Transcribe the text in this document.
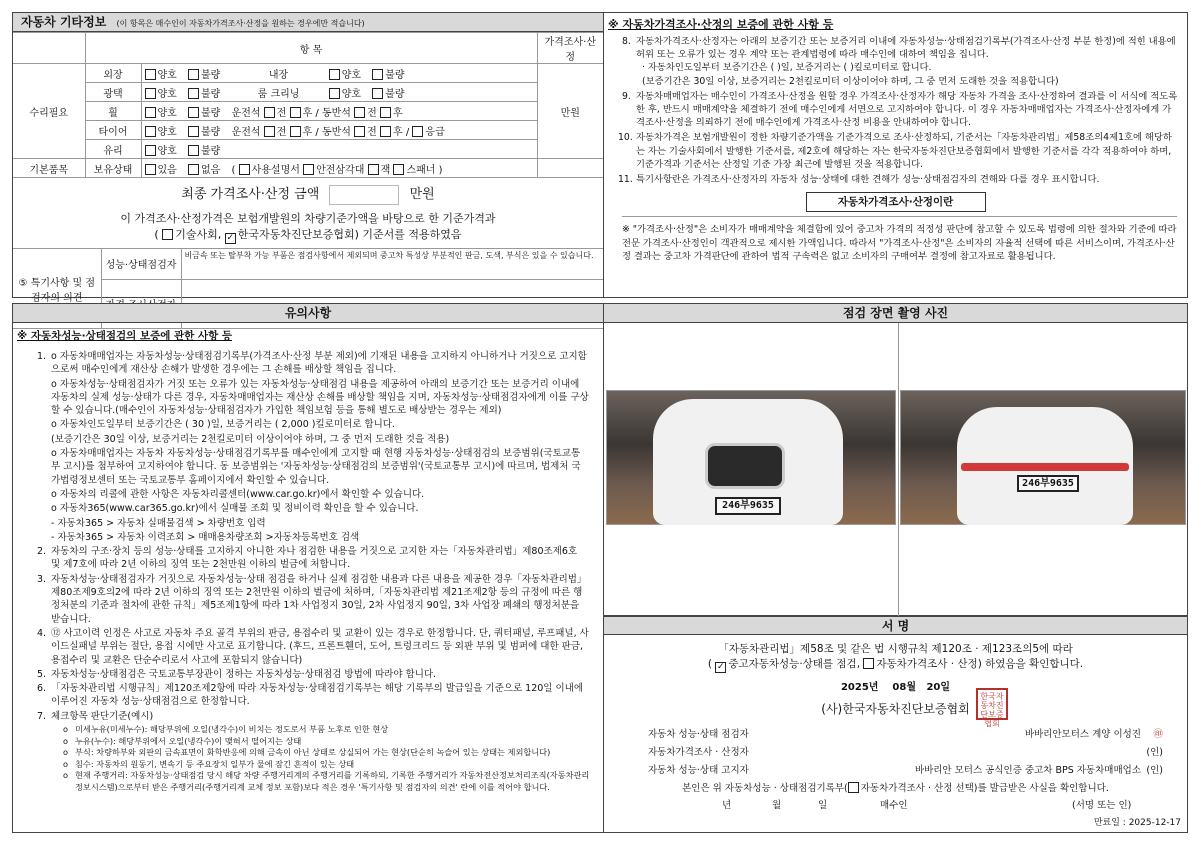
자동차 기타정보 (이 항목은 매수인이 자동차가격조사·산정을 원하는 경우에만 적습니다)
	항 목		가격조사·산정
수리필요	외장	양호 불량 내장 양호 불량	만원
	광택	양호 불량 룸 크리닝 양호 불량	
	휠	양호 불량 운전석 전 후 / 동반석 전 후	
	타이어	양호 불량 운전석 전 후 / 동반석 전 후 / 응급	
	유리	양호 불량	
기본품목	보유상태	있음 없음 ( 사용설명서 안전삼각대 잭 스패너 )	
최종 가격조사·산정 금액	만원
이 가격조사·산정가격은 보험개발원의 차량기준가액을 바탕으로 한 기준가격과
( 기술사회, ✓ 한국자동차진단보증협회) 기준서를 적용하였음
⑤ 특기사항 및 점검자의 의견	성능·상태점검자	비금속 또는 탈부착 가능 부품은 점검사항에서 제외되며 중고차 특성상 부분적인 판금, 도색, 부식은 있을 수 있습니다.

※ 자동차가격조사·산정의 보증에 관한 사항 등
8. 자동차가격조사·산정자는 아래의 보증기간 또는 보증거리 이내에 자동차성능·상태점검기록부(가격조사·산정 부분 한정)에 적힌 내용에 허위 또는 오류가 있는 경우 계약 또는 관계법령에 따라 매수인에 대하여 책임을 집니다.
· 자동차인도일부터 보증기간은 ( )일, 보증거리는 ( )킬로미터로 합니다.
(보증기간은 30일 이상, 보증거리는 2천킬로미터 이상이어야 하며, 그 중 먼저 도래한 것을 적용합니다)
9. 자동차매매업자는 매수인이 가격조사·산정을 원할 경우 가격조사·산정자가 해당 자동차 가격을 조사·산정하여 결과를 이 서식에 적도록 한 후, 반드시 매매계약을 체결하기 전에 매수인에게 서면으로 고지하여야 합니다. 이 경우 자동차매매업자는 가격조사·산정자에게 가격조사·산정을 의뢰하기 전에 매수인에게 가격조사·산정 비용을 안내하여야 합니다.
10. 자동차가격은 보험개발원이 정한 차량기준가액을 기준가격으로 조사·산정하되, 기준서는「자동차관리법」제58조의4제1호에 해당하는 자는 기술사회에서 발행한 기준서를, 제2호에 해당하는 자는 한국자동차진단보증협회에서 발행한 기준서를 각각 적용하여야 하며, 기준가격과 기준서는 산정일 기준 가장 최근에 발행된 것을 적용합니다.
11. 특기사항란은 가격조사·산정자의 자동차 성능·상태에 대한 견해가 성능·상태점검자의 견해와 다를 경우 표시합니다.
자동차가격조사·산정이란
※ "가격조사·산정"은 소비자가 매매계약을 체결함에 있어 중고차 가격의 적정성 판단에 참고할 수 있도록 법령에 의한 절차와 기준에 따라 전문 가격조사·산정인이 객관적으로 제시한 가액입니다. 따라서 "가격조사·산정"은 소비자의 자율적 선택에 따른 서비스이며, 가격조사·산정 결과는 중고차 가격판단에 관하여 법적 구속력은 없고 소비자의 구매여부 결정에 참고자료로 활용됩니다.
유의사항
※ 자동차성능·상태점검의 보증에 관한 사항 등
1. o 자동차매매업자는 자동차성능·상태점검기록부(가격조사·산정 부분 제외)에 기재된 내용을 고지하지 아니하거나 거짓으로 고지함으로써 매수인에게 재산상 손해가 발생한 경우에는 그 손해를 배상할 책임을 집니다.
o 자동차성능·상태점검자가 거짓 또는 오류가 있는 자동차성능·상태점검 내용을 제공하여 아래의 보증기간 또는 보증거리 이내에 자동차의 실제 성능·상태가 다른 경우, 자동차매매업자는 재산상 손해를 배상할 책임을 지며, 자동차성능·상태점검자에게 이를 구상할 수 있습니다.(매수인이 자동차성능·상태점검자가 가입한 책임보험 등을 통해 별도로 배상받는 경우는 제외)
o 자동차인도일부터 보증기간은 ( 30 )일, 보증거리는 ( 2,000 )킬로미터로 합니다.
(보증기간은 30일 이상, 보증거리는 2천킬로미터 이상이어야 하며, 그 중 먼저 도래한 것을 적용)
o 자동차매매업자는 자동차 자동차성능·상태점검기록부를 매수인에게 고지할 때 현행 자동차성능·상태점검의 보증범위(국토교통부 고시)를 첨부하여 고지하여야 합니다. 동 보증범위는 '자동차성능·상태점검의 보증범위'(국토교통부 고시)에 따르며, 법제처 국가법령정보센터 또는 국토교통부 홈페이지에서 확인할 수 있습니다.
o 자동차의 리콜에 관한 사항은 자동차리콜센터(www.car.go.kr)에서 확인할 수 있습니다.
o 자동차365(www.car365.go.kr)에서 실매물 조회 및 정비이력 확인을 할 수 있습니다.
- 자동차365 > 자동차 실매물검색 > 차량번호 입력
- 자동차365 > 자동차 이력조회 > 매매용차량조회 >자동차등록번호 검색
2. 자동차의 구조·장치 등의 성능·상태를 고지하지 아니한 자나 점검한 내용을 거짓으로 고지한 자는「자동차관리법」제80조제6호 및 제7호에 따라 2년 이하의 징역 또는 2천만원 이하의 벌금에 처합니다.
3. 자동차성능·상태점검자가 거짓으로 자동차성능·상태 점검을 하거나 실제 점검한 내용과 다른 내용을 제공한 경우「자동차관리법」제80조제9호의2에 따라 2년 이하의 징역 또는 2천만원 이하의 벌금에 처하며,「자동차관리법 제21조제2항 등의 규정에 따른 행정처분의 기준과 절차에 관한 규칙」제5조제1항에 따라 1차 사업정지 30일, 2차 사업정지 90일, 3차 사업장 폐쇄의 행정처분을 받습니다.
4. ⑫ 사고이력 인정은 사고로 자동차 주요 골격 부위의 판금, 용접수리 및 교환이 있는 경우로 한정합니다. 단, 쿼터패널, 루프패널, 사이드실패널 부위는 절단, 용접 시에만 사고로 표기합니다. (후드, 프론트휀더, 도어, 트렁크리드 등 외판 부위 및 범퍼에 대한 판금, 용접수리 및 교환은 단순수리로서 사고에 포함되지 않습니다)
5. 자동차성능·상태점검은 국토교통부장관이 정하는 자동차성능·상태점검 방법에 따라야 합니다.
6. 「자동차관리법 시행규칙」제120조제2항에 따라 자동차성능·상태점검기록부는 해당 기록부의 발급일을 기준으로 120일 이내에 이루어진 자동차 성능·상태점검으로 한정합니다.
7. 체크항목 판단기준(예시)
o 미세누유(미세누수): 해당부위에 오일(냉각수)이 비치는 정도로서 부품 노후로 인한 현상
o 누유(누수): 해당부위에서 오일(냉각수)이 맺혀서 떨어지는 상태
o 부식: 차량하부와 외판의 금속표면이 화학반응에 의해 금속이 아닌 상태로 상실되어 가는 현상(단순히 녹슬어 있는 상태는 제외합니다)
o 침수: 자동차의 원동기, 변속기 등 주요장치 일부가 물에 잠긴 흔적이 있는 상태
o 현재 주행거리: 자동차성능·상태점검 당시 해당 차량 주행거리계의 주행거리를 기록하되, 기록한 주행거리가 자동차전산정보처리조직(자동차관리정보시스템)으로부터 받은 주행거리(주행거리계 교체 정보 포함)보다 적은 경우 '특기사항 및 점검자의 의견' 란에 이를 적어야 합니다.
점검 장면 촬영 사진
246부9635
246부9635
서 명
「자동차관리법」제58조 및 같은 법 시행규칙 제120조 · 제123조의5에 따라
( ✓중고자동차성능·상태를 점검, 자동차가격조사 · 산정) 하였음을 확인합니다.
2025년 08월 20일
(사)한국자동차진단보증협회
한국자동차진단보증협회
자동차 성능·상태 점검자	바바리안모터스 계양 이성진 ㊞
자동차가격조사 · 산정자	(인)
자동차 성능·상태 고지자	바바리안 모터스 공식인증 중고차 BPS 자동차매매업소 (인)
본인은 위 자동차성능 · 상태점검기록부( 자동차가격조사 · 산정 선택)를 발급받은 사실을 확인합니다.
년	월	일	매수인	(서명 또는 인)
만료일 : 2025-12-17
